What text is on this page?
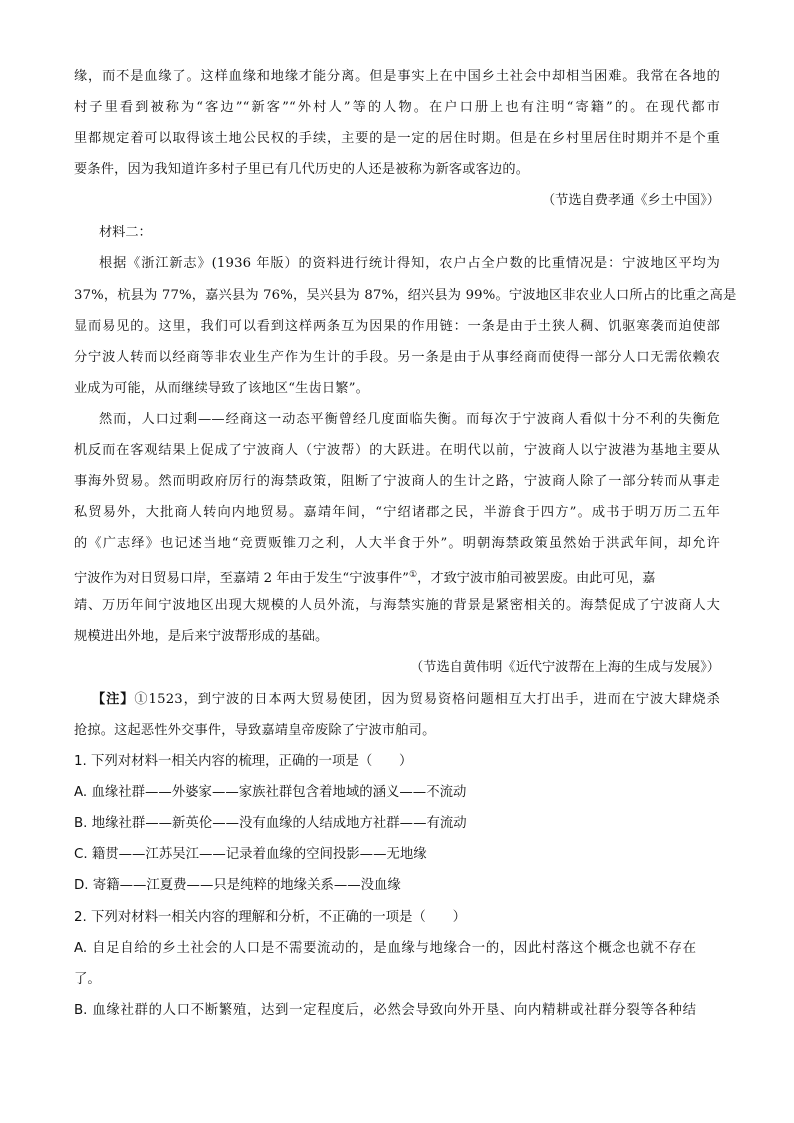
缘，而不是血缘了。这样血缘和地缘才能分离。但是事实上在中国乡土社会中却相当困难。我常在各地的
村子里看到被称为“客边”“新客”“外村人”等的人物。在户口册上也有注明“寄籍”的。在现代都市
里都规定着可以取得该土地公民权的手续，主要的是一定的居住时期。但是在乡村里居住时期并不是个重
要条件，因为我知道许多村子里已有几代历史的人还是被称为新客或客边的。
（节选自费孝通《乡土中国》）
材料二：
根据《浙江新志》(1936 年版）的资料进行统计得知，农户占全户数的比重情况是：宁波地区平均为
37%，杭县为 77%，嘉兴县为 76%，吴兴县为 87%，绍兴县为 99%。宁波地区非农业人口所占的比重之高是
显而易见的。这里，我们可以看到这样两条互为因果的作用链：一条是由于土狭人稠、饥驱寒袭而迫使部
分宁波人转而以经商等非农业生产作为生计的手段。另一条是由于从事经商而使得一部分人口无需依赖农
业成为可能，从而继续导致了该地区“生齿日繁”。
然而，人口过剩——经商这一动态平衡曾经几度面临失衡。而每次于宁波商人看似十分不利的失衡危
机反而在客观结果上促成了宁波商人（宁波帮）的大跃进。在明代以前，宁波商人以宁波港为基地主要从
事海外贸易。然而明政府厉行的海禁政策，阻断了宁波商人的生计之路，宁波商人除了一部分转而从事走
私贸易外，大批商人转向内地贸易。嘉靖年间，“宁绍诸郡之民，半游食于四方”。成书于明万历二五年
的《广志绎》也记述当地“竞贾贩锥刀之利，人大半食于外”。明朝海禁政策虽然始于洪武年间，却允许
宁波作为对日贸易口岸，至嘉靖 2 年由于发生“宁波事件”①，才致宁波市舶司被罢废。由此可见，嘉
靖、万历年间宁波地区出现大规模的人员外流，与海禁实施的背景是紧密相关的。海禁促成了宁波商人大
规模进出外地，是后来宁波帮形成的基础。
（节选自黄伟明《近代宁波帮在上海的生成与发展》）
【注】①1523，到宁波的日本两大贸易使团，因为贸易资格问题相互大打出手，进而在宁波大肆烧杀
抢掠。这起恶性外交事件，导致嘉靖皇帝废除了宁波市舶司。
1. 下列对材料一相关内容的梳理，正确的一项是（　　）
A. 血缘社群——外婆家——家族社群包含着地域的涵义——不流动
B. 地缘社群——新英伦——没有血缘的人结成地方社群——有流动
C. 籍贯——江苏吴江——记录着血缘的空间投影——无地缘
D. 寄籍——江夏费——只是纯粹的地缘关系——没血缘
2. 下列对材料一相关内容的理解和分析，不正确的一项是（　　）
A. 自足自给的乡土社会的人口是不需要流动的，是血缘与地缘合一的，因此村落这个概念也就不存在
了。
B. 血缘社群的人口不断繁殖，达到一定程度后，必然会导致向外开垦、向内精耕或社群分裂等各种结
